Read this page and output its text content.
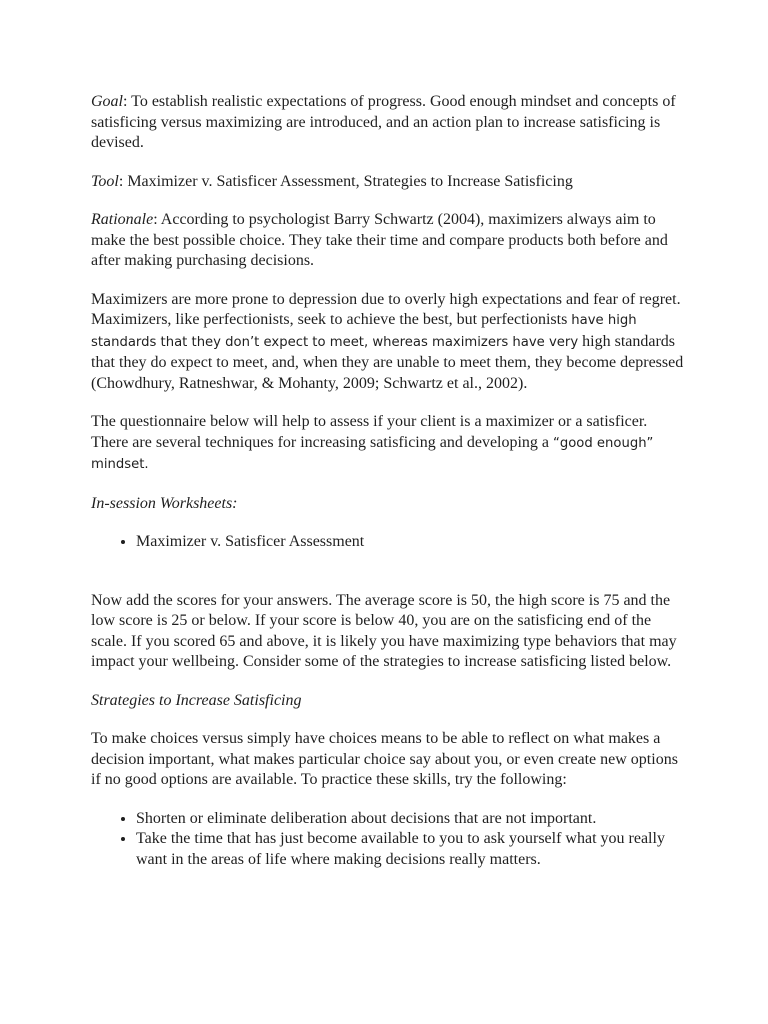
Goal: To establish realistic expectations of progress. Good enough mindset and concepts of satisficing versus maximizing are introduced, and an action plan to increase satisficing is devised.

Tool: Maximizer v. Satisficer Assessment, Strategies to Increase Satisficing

Rationale: According to psychologist Barry Schwartz (2004), maximizers always aim to make the best possible choice. They take their time and compare products both before and after making purchasing decisions.

Maximizers are more prone to depression due to overly high expectations and fear of regret. Maximizers, like perfectionists, seek to achieve the best, but perfectionists have high standards that they don’t expect to meet, whereas maximizers have very high standards that they do expect to meet, and, when they are unable to meet them, they become depressed (Chowdhury, Ratneshwar, & Mohanty, 2009; Schwartz et al., 2002).

The questionnaire below will help to assess if your client is a maximizer or a satisficer. There are several techniques for increasing satisficing and developing a “good enough” mindset.

In-session Worksheets:

• Maximizer v. Satisficer Assessment

Now add the scores for your answers. The average score is 50, the high score is 75 and the low score is 25 or below. If your score is below 40, you are on the satisficing end of the scale. If you scored 65 and above, it is likely you have maximizing type behaviors that may impact your wellbeing. Consider some of the strategies to increase satisficing listed below.

Strategies to Increase Satisficing

To make choices versus simply have choices means to be able to reflect on what makes a decision important, what makes particular choice say about you, or even create new options if no good options are available. To practice these skills, try the following:

• Shorten or eliminate deliberation about decisions that are not important.
• Take the time that has just become available to you to ask yourself what you really want in the areas of life where making decisions really matters.
